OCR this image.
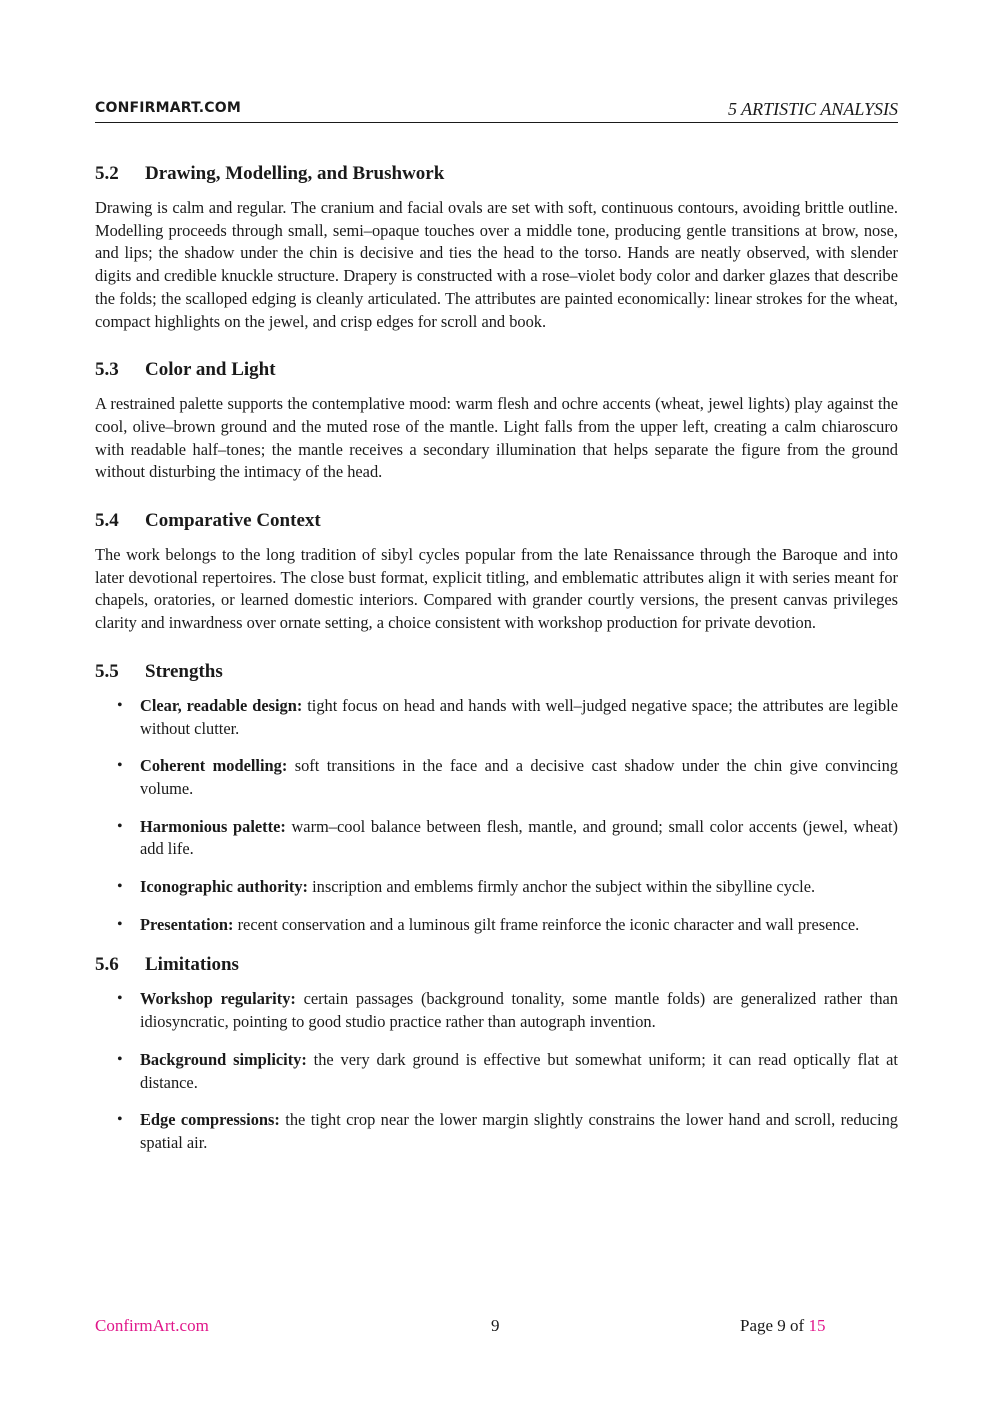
CONFIRMART.COM	5 ARTISTIC ANALYSIS
5.2 Drawing, Modelling, and Brushwork

Drawing is calm and regular. The cranium and facial ovals are set with soft, continuous contours, avoiding brittle outline. Modelling proceeds through small, semi–opaque touches over a middle tone, producing gentle transitions at brow, nose, and lips; the shadow under the chin is decisive and ties the head to the torso. Hands are neatly observed, with slender digits and credible knuckle structure. Drapery is constructed with a rose–violet body color and darker glazes that describe the folds; the scalloped edging is cleanly articulated. The attributes are painted economically: linear strokes for the wheat, compact highlights on the jewel, and crisp edges for scroll and book.

5.3 Color and Light

A restrained palette supports the contemplative mood: warm flesh and ochre accents (wheat, jewel lights) play against the cool, olive–brown ground and the muted rose of the mantle. Light falls from the upper left, creating a calm chiaroscuro with readable half–tones; the mantle receives a secondary illumination that helps separate the figure from the ground without disturbing the intimacy of the head.

5.4 Comparative Context

The work belongs to the long tradition of sibyl cycles popular from the late Renaissance through the Baroque and into later devotional repertoires. The close bust format, explicit titling, and emblematic attributes align it with series meant for chapels, oratories, or learned domestic interiors. Compared with grander courtly versions, the present canvas privileges clarity and inwardness over ornate setting, a choice consistent with workshop production for private devotion.

5.5 Strengths
• Clear, readable design: tight focus on head and hands with well–judged negative space; the attributes are legible without clutter.
• Coherent modelling: soft transitions in the face and a decisive cast shadow under the chin give convincing volume.
• Harmonious palette: warm–cool balance between flesh, mantle, and ground; small color accents (jewel, wheat) add life.
• Iconographic authority: inscription and emblems firmly anchor the subject within the sibylline cycle.
• Presentation: recent conservation and a luminous gilt frame reinforce the iconic character and wall presence.
5.6 Limitations
• Workshop regularity: certain passages (background tonality, some mantle folds) are generalized rather than idiosyncratic, pointing to good studio practice rather than autograph invention.
• Background simplicity: the very dark ground is effective but somewhat uniform; it can read optically flat at distance.
• Edge compressions: the tight crop near the lower margin slightly constrains the lower hand and scroll, reducing spatial air.
ConfirmArt.com	9	Page 9 of 15
